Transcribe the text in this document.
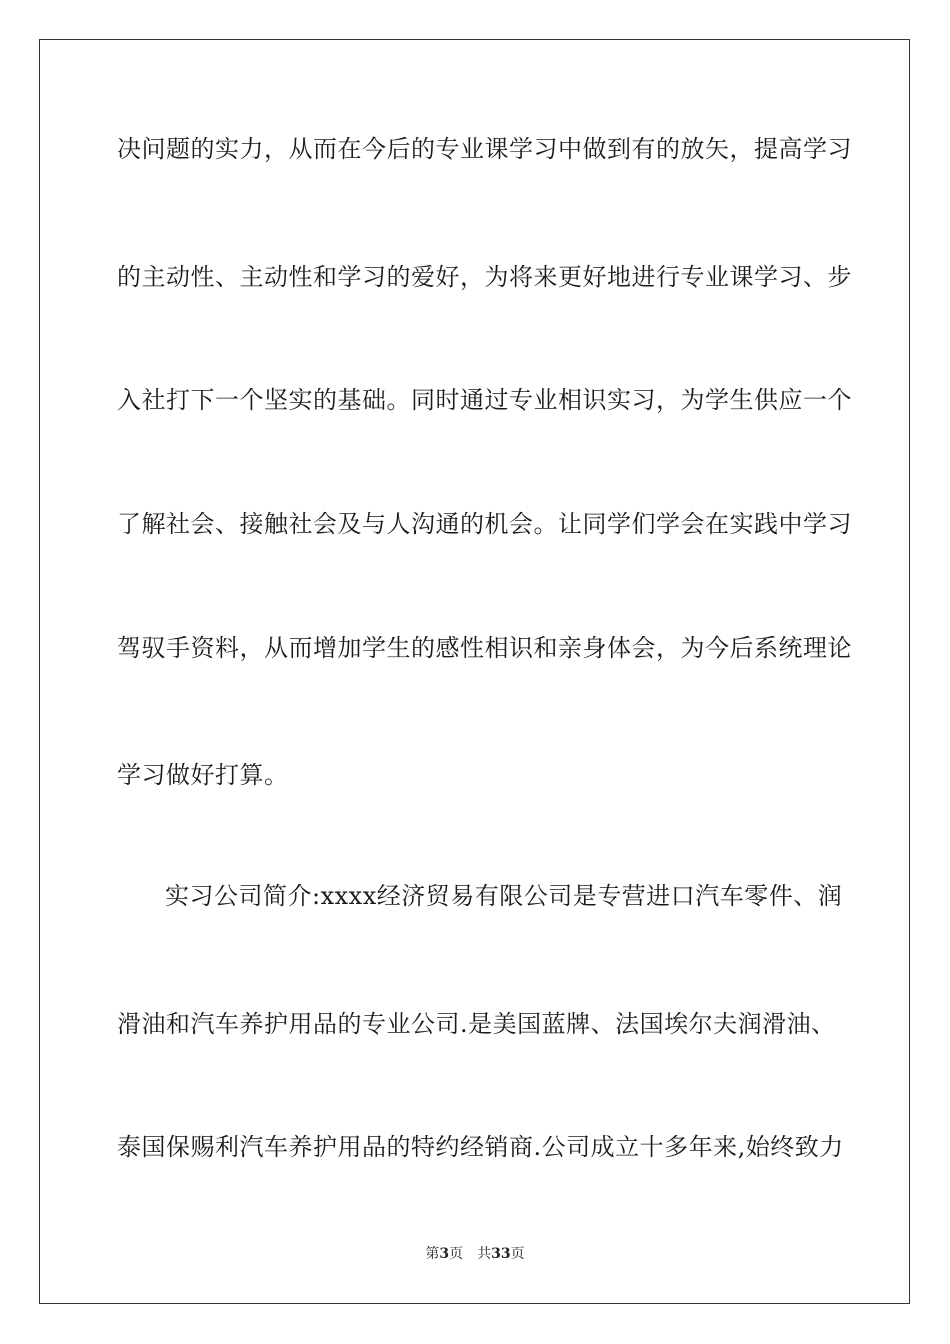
决问题的实力，从而在今后的专业课学习中做到有的放矢，提高学习
的主动性、主动性和学习的爱好，为将来更好地进行专业课学习、步
入社打下一个坚实的基础。同时通过专业相识实习，为学生供应一个
了解社会、接触社会及与人沟通的机会。让同学们学会在实践中学习
驾驭手资料，从而增加学生的感性相识和亲身体会，为今后系统理论
学习做好打算。
实习公司简介:xxxx经济贸易有限公司是专营进口汽车零件、润
滑油和汽车养护用品的专业公司.是美国蓝牌、法国埃尔夫润滑油、
泰国保赐利汽车养护用品的特约经销商.公司成立十多年来,始终致力
第3页 共33页
